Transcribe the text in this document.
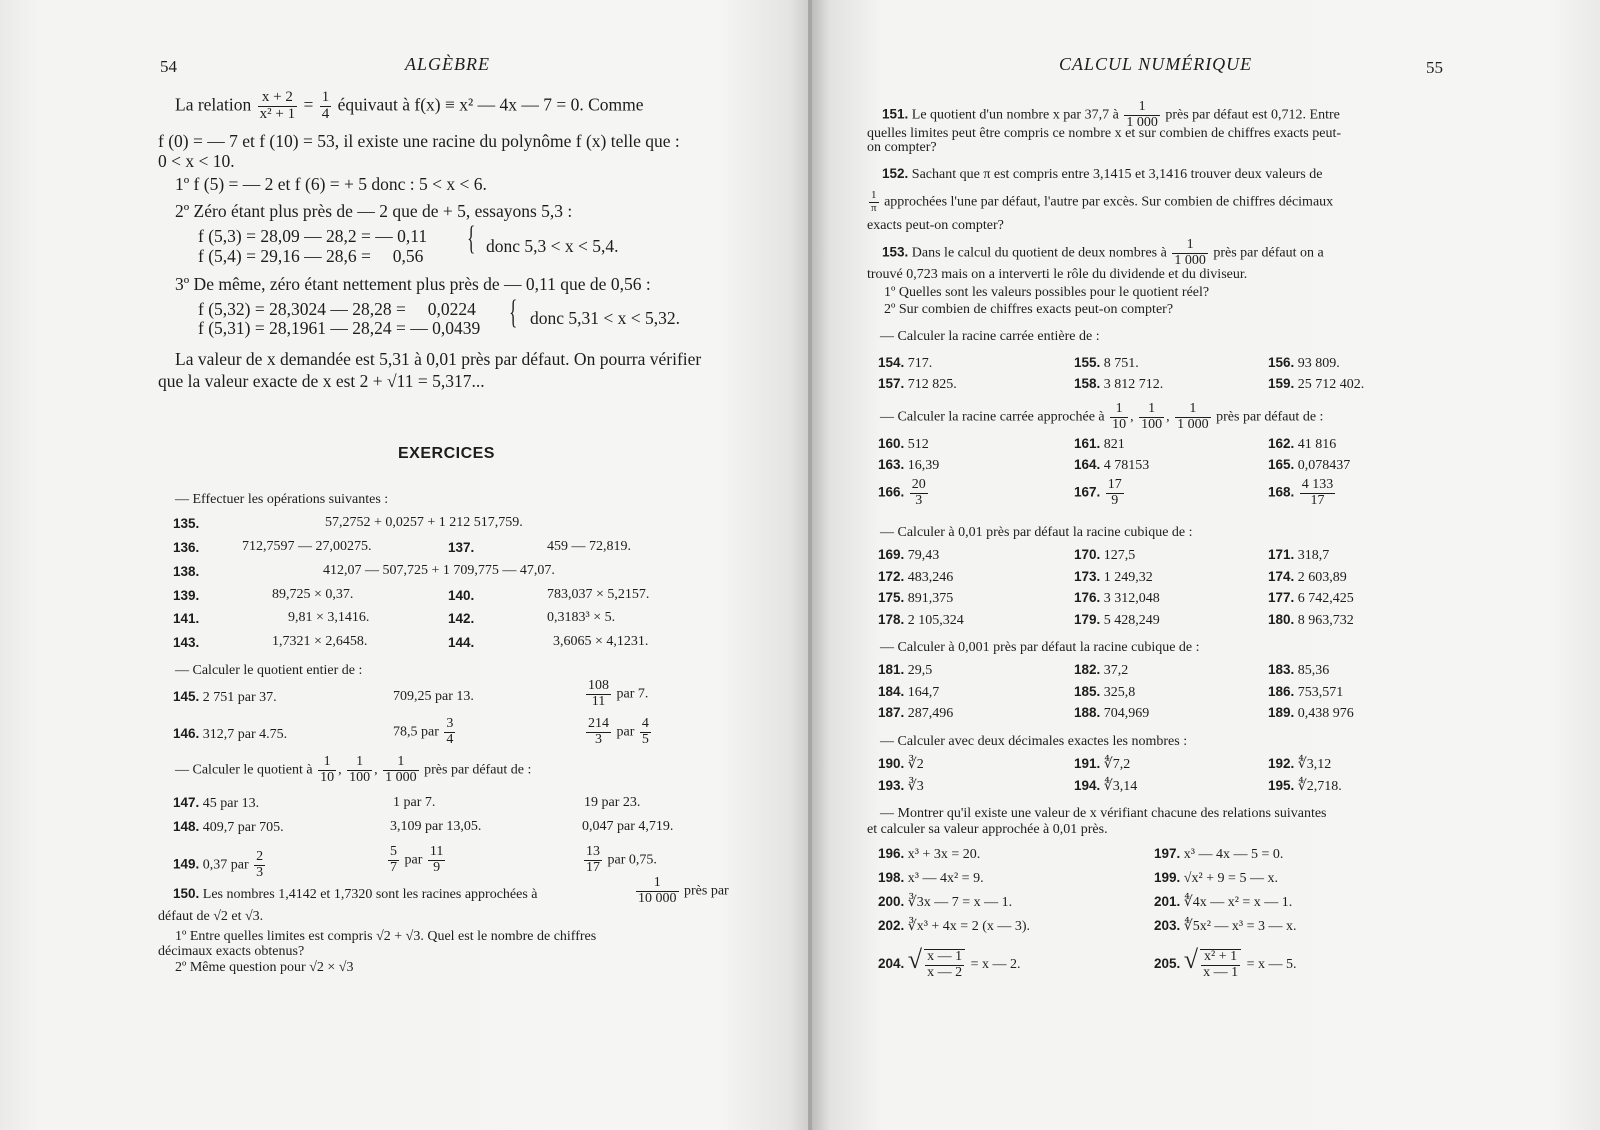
54	ALGÈBRE
La relation $\frac{x + 2}{\text{x² + 1}} = \frac{1}{4}$ équivaut à f(x) ≡ x² — 4x — 7 = 0. Comme
f (0) = — 7 et f (10) = 53, il existe une racine du polynôme f (x) telle que :
0 < x < 10.
1º f (5) = — 2 et f (6) = + 5 donc : 5 < x < 6.
2º Zéro étant plus près de — 2 que de + 5, essayons 5,3 :
f (5,3) = 28,09 — 28,2 = — 0,11
f (5,4) = 29,16 — 28,6 =     0,56 { donc 5,3 < x < 5,4.
3º De même, zéro étant nettement plus près de — 0,11 que de 0,56 :
f (5,32) = 28,3024 — 28,28 =     0,0224
f (5,31) = 28,1961 — 28,24 = — 0,0439 { donc 5,31 < x < 5,32.
La valeur de x demandée est 5,31 à 0,01 près par défaut. On pourra vérifier
que la valeur exacte de x est 2 + √11 = 5,317...
EXERCICES
— Effectuer les opérations suivantes :
135.	57,2752 + 0,0257 + 1 212 517,759.
136.	712,7597 — 27,00275.	137.	459 — 72,819.
138.	412,07 — 507,725 + 1 709,775 — 47,07.
139.	89,725 × 0,37.	140.	783,037 × 5,2157.
141.	9,81 × 3,1416.	142.	0,3183³ × 5.
143.	1,7321 × 2,6458.	144.	3,6065 × 4,1231.
— Calculer le quotient entier de :
145. 2 751 par 37.	709,25 par 13.	$\frac{108}{11}$ par 7.
146. 312,7 par 4.75.	78,5 par $\frac{3}{4}$	$\frac{214}{3}$ par $\frac{4}{5}$
— Calculer le quotient à $\frac{1}{10}$ , $\frac{1}{100}$ , $\frac{1}{1 000}$ près par défaut de :
147. 45 par 13.	1 par 7.	19 par 23.
148. 409,7 par 705.	3,109 par 13,05.	0,047 par 4,719.
149. 0,37 par $\frac{2}{3}$	$\frac{5}{7}$ par $\frac{11}{9}$	$\frac{13}{17}$ par 0,75.
150. Les nombres 1,4142 et 1,7320 sont les racines approchées à	$\frac{1}{10 000}$ près par
défaut de √2 et √3.
1º Entre quelles limites est compris √2 + √3. Quel est le nombre de chiffres
décimaux exacts obtenus?
2º Même question pour √2 × √3
CALCUL NUMÉRIQUE	55
151. Le quotient d'un nombre x par 37,7 à $\frac{1}{1 000}$ près par défaut est 0,712. Entre
quelles limites peut être compris ce nombre x et sur combien de chiffres exacts peut-
on compter?
152. Sachant que π est compris entre 3,1415 et 3,1416 trouver deux valeurs de
$\frac{1}{\pi}$ approchées l'une par défaut, l'autre par excès. Sur combien de chiffres décimaux
exacts peut-on compter?
153. Dans le calcul du quotient de deux nombres à $\frac{1}{1 000}$ près par défaut on a
trouvé 0,723 mais on a interverti le rôle du dividende et du diviseur.
1º Quelles sont les valeurs possibles pour le quotient réel?
2º Sur combien de chiffres exacts peut-on compter?
— Calculer la racine carrée entière de :
154. 717.	155. 8 751.	156. 93 809.
157. 712 825.	158. 3 812 712.	159. 25 712 402.
— Calculer la racine carrée approchée à $\frac{1}{10}$ , $\frac{1}{100}$ , $\frac{1}{1 000}$ près par défaut de :
160. 512	161. 821	162. 41 816
163. 16,39	164. 4 78153	165. 0,078437
166. $\frac{20}{3}$	167. $\frac{17}{9}$	168. $\frac{4 133}{17}$
— Calculer à 0,01 près par défaut la racine cubique de :
169. 79,43	170. 127,5	171. 318,7
172. 483,246	173. 1 249,32	174. 2 603,89
175. 891,375	176. 3 312,048	177. 6 742,425
178. 2 105,324	179. 5 428,249	180. 8 963,732
— Calculer à 0,001 près par défaut la racine cubique de :
181. 29,5	182. 37,2	183. 85,36
184. 164,7	185. 325,8	186. 753,571
187. 287,496	188. 704,969	189. 0,438 976
— Calculer avec deux décimales exactes les nombres :
190. ∛2	191. ∜7,2	192. ∜3,12
193. ∛3	194. ∜3,14	195. ∜2,718.
— Montrer qu'il existe une valeur de x vérifiant chacune des relations suivantes
et calculer sa valeur approchée à 0,01 près.
196. x³ + 3x = 20.	197. x³ — 4x — 5 = 0.
198. x³ — 4x² = 9.	199. √x² + 9 = 5 — x.
200. ∛3x — 7 = x — 1.	201. ∜4x — x² = x — 1.
202. ∛x³ + 4x = 2 (x — 3).	203. ∜5x² — x³ = 3 — x.
204. √ $\frac{x — 1}{x — 2} = x$ — 2.	205. √ $\frac{\text{x² + 1}}{x — 1} = x$ — 5.
